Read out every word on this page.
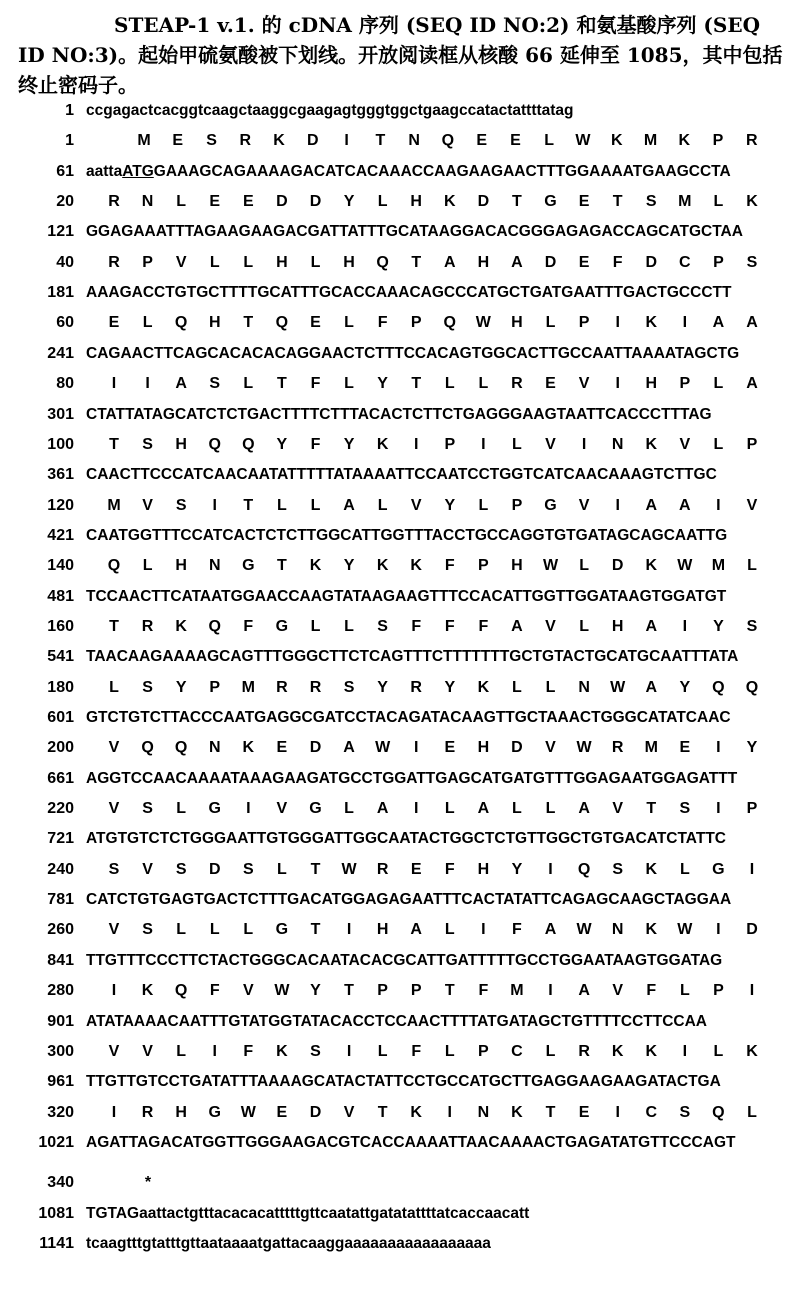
STEAP-1 v.1. 的 cDNA 序列 (SEQ ID NO:2) 和氨基酸序列 (SEQ ID NO:3)。起始甲硫氨酸被下划线。开放阅读框从核酸 66 延伸至 1085，其中包括终止密码子。

1 ccgagactcacggtcaagctaaggcgaagagtgggtggctgaagccatactattttatag
1	M E S R K D	I	T	N Q E E	L	W K M K P R
61 aattaATGGAAAGCAGAAAAGACATCACAAACCAAGAAGAACTTTGGAAAATGAAGCCTA
20 R N	L	E E D D Y	L	H K D	T	G E	T	S M	L	K
121 GGAGAAATTTAGAAGAAGACGATTATTTGCATAAGGACACGGGAGAGACCAGCATGCTAA
40 R P V	L	L	H	L	H Q	T	A H A D E	F	D C P S
181 AAAGACCTGTGCTTTTGCATTTGCACCAAACAGCCCATGCTGATGAATTTGACTGCCCTT
60 E	L	Q H	T	Q E	L	F	P Q W H	L	P	I	K	I	A A
241 CAGAACTTCAGCACACACAGGAACTCTTTCCACAGTGGCACTTGCCAATTAAAATAGCTG
80	I	I	A S	L	T	F	L	Y	T	L	L	R E V	I	H P	L	A
301 CTATTATAGCATCTCTGACTTTTCTTTACACTCTTCTGAGGGAAGTAATTCACCCTTTAG
100	T	S H Q Q Y	F	Y K	I	P	I	L	V	I	N K V	L	P
361 CAACTTCCCATCAACAATATTTTTATAAAATTCCAATCCTGGTCATCAACAAAGTCTTGC
120 M V S	I	T	L	L	A	L	V Y	L	P G V	I	A A	I	V
421 CAATGGTTTCCATCACTCTCTTGGCATTGGTTTACCTGCCAGGTGTGATAGCAGCAATTG
140 Q	L	H N G	T	K Y K K	F	P H W	L	D K W M	L
481 TCCAACTTCATAATGGAACCAAGTATAAGAAGTTTCCACATTGGTTGGATAAGTGGATGT
160	T	R K Q	F	G	L	L	S	F	F	F	A V	L	H A	I	Y S
541 TAACAAGAAAAGCAGTTTGGGCTTCTCAGTTTCTTTTTTTGCTGTACTGCATGCAATTTATA
180	L	S Y P M R R S Y R Y K	L	L	N W A Y Q Q
601 GTCTGTCTTACCCAATGAGGCGATCCTACAGATACAAGTTGCTAAACTGGGCATATCAAC
200 V Q Q N K E D A W	I	E H D V W R M E	I	Y
661 AGGTCCAACAAAATAAAGAAGATGCCTGGATTGAGCATGATGTTTGGAGAATGGAGATTT
220 V S	L	G	I	V G	L	A	I	L	A	L	L	A V	T	S	I	P
721 ATGTGTCTCTGGGAATTGTGGGATTGGCAATACTGGCTCTGTTGGCTGTGACATCTATTC
240 S V S D S	L	T	W R E	F	H Y	I	Q S K	L	G	I
781 CATCTGTGAGTGACTCTTTGACATGGAGAGAATTTCACTATATTCAGAGCAAGCTAGGAA
260 V S	L	L	L	G	T	I	H A	L	I	F	A W N K W	I	D
841 TTGTTTCCCTTCTACTGGGCACAATACACGCATTGATTTTTGCCTGGAATAAGTGGATAG
280	I	K Q	F	V W Y	T	P P	T	F	M	I	A V	F	L	P	I
901 ATATAAAACAATTTGTATGGTATACACCTCCAACTTTTATGATAGCTGTTTTCCTTCCAA
300 V V	L	I	F	K S	I	L	F	L	P C	L	R K K	I	L	K
961 TTGTTGTCCTGATATTTAAAAGCATACTATTCCTGCCATGCTTGAGGAAGAAGATACTGA
320	I	R H G W E D V	T	K	I	N K	T	E	I	C S Q	L
1021 AGATTAGACATGGTTGGGAAGACGTCACCAAAATTAACAAAACTGAGATATGTTCCCAGT
340	*
1081 TGTAGaattactgtttacacacatttttgttcaatattgatatattttatcaccaacatt
1141 tcaagtttgtatttgttaataaaatgattacaaggaaaaaaaaaaaaaaaaa
